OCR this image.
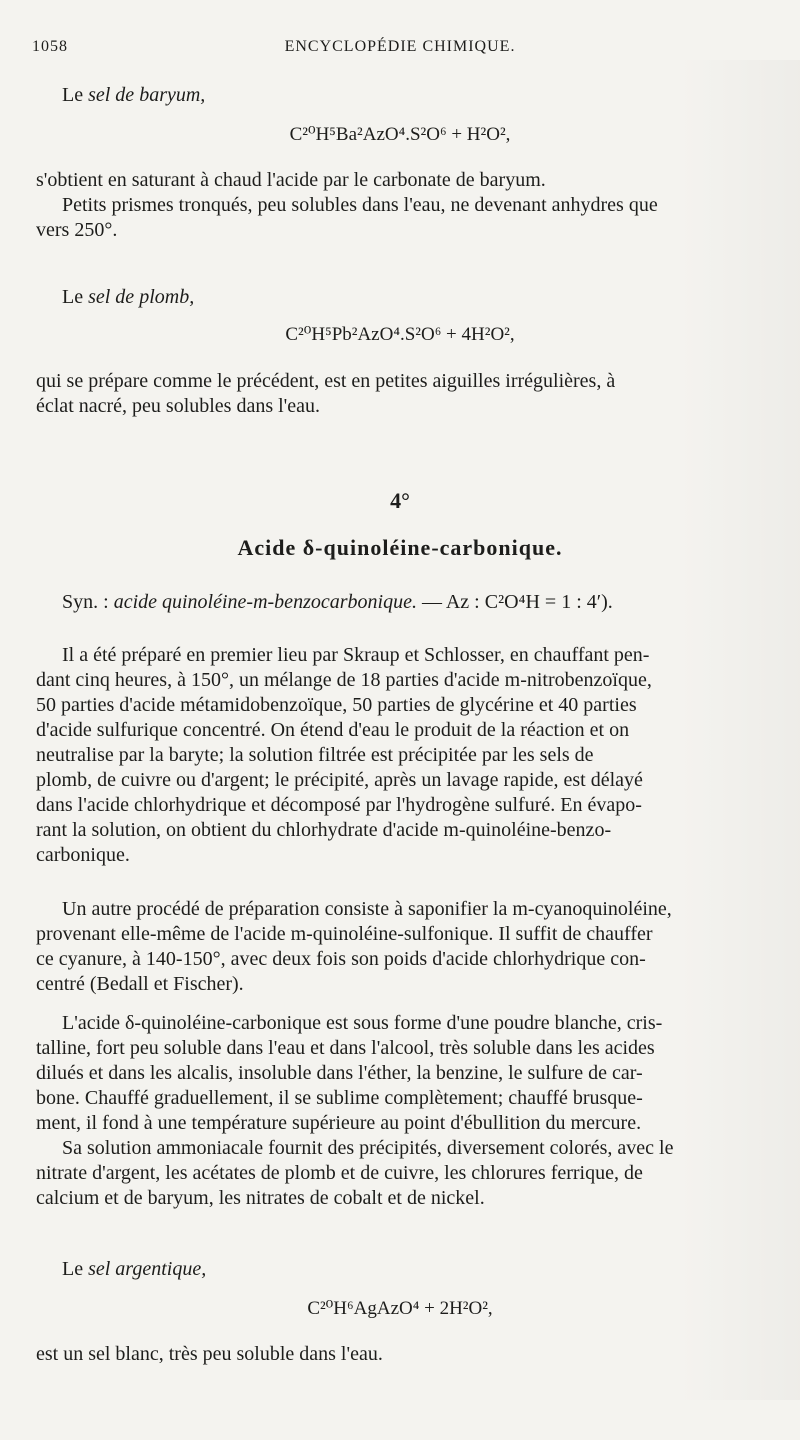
1058	ENCYCLOPÉDIE CHIMIQUE.
Le sel de baryum,
C²⁰H⁵Ba²AzO⁴.S²O⁶ + H²O²,
s'obtient en saturant à chaud l'acide par le carbonate de baryum.
Petits prismes tronqués, peu solubles dans l'eau, ne devenant anhydres que
vers 250°.
Le sel de plomb,
C²⁰H⁵Pb²AzO⁴.S²O⁶ + 4H²O²,
qui se prépare comme le précédent, est en petites aiguilles irrégulières, à
éclat nacré, peu solubles dans l'eau.
4°
Acide δ-quinoléine-carbonique.
Syn. : acide quinoléine-m-benzocarbonique. — Az : C²O⁴H = 1 : 4′).
Il a été préparé en premier lieu par Skraup et Schlosser, en chauffant pen-
dant cinq heures, à 150°, un mélange de 18 parties d'acide m-nitrobenzoïque,
50 parties d'acide métamidobenzoïque, 50 parties de glycérine et 40 parties
d'acide sulfurique concentré. On étend d'eau le produit de la réaction et on
neutralise par la baryte; la solution filtrée est précipitée par les sels de
plomb, de cuivre ou d'argent; le précipité, après un lavage rapide, est délayé
dans l'acide chlorhydrique et décomposé par l'hydrogène sulfuré. En évapo-
rant la solution, on obtient du chlorhydrate d'acide m-quinoléine-benzo-
carbonique.
Un autre procédé de préparation consiste à saponifier la m-cyanoquinoléine,
provenant elle-même de l'acide m-quinoléine-sulfonique. Il suffit de chauffer
ce cyanure, à 140-150°, avec deux fois son poids d'acide chlorhydrique con-
centré (Bedall et Fischer).
L'acide δ-quinoléine-carbonique est sous forme d'une poudre blanche, cris-
talline, fort peu soluble dans l'eau et dans l'alcool, très soluble dans les acides
dilués et dans les alcalis, insoluble dans l'éther, la benzine, le sulfure de car-
bone. Chauffé graduellement, il se sublime complètement; chauffé brusque-
ment, il fond à une température supérieure au point d'ébullition du mercure.
Sa solution ammoniacale fournit des précipités, diversement colorés, avec le
nitrate d'argent, les acétates de plomb et de cuivre, les chlorures ferrique, de
calcium et de baryum, les nitrates de cobalt et de nickel.
Le sel argentique,
C²⁰H⁶AgAzO⁴ + 2H²O²,
est un sel blanc, très peu soluble dans l'eau.
